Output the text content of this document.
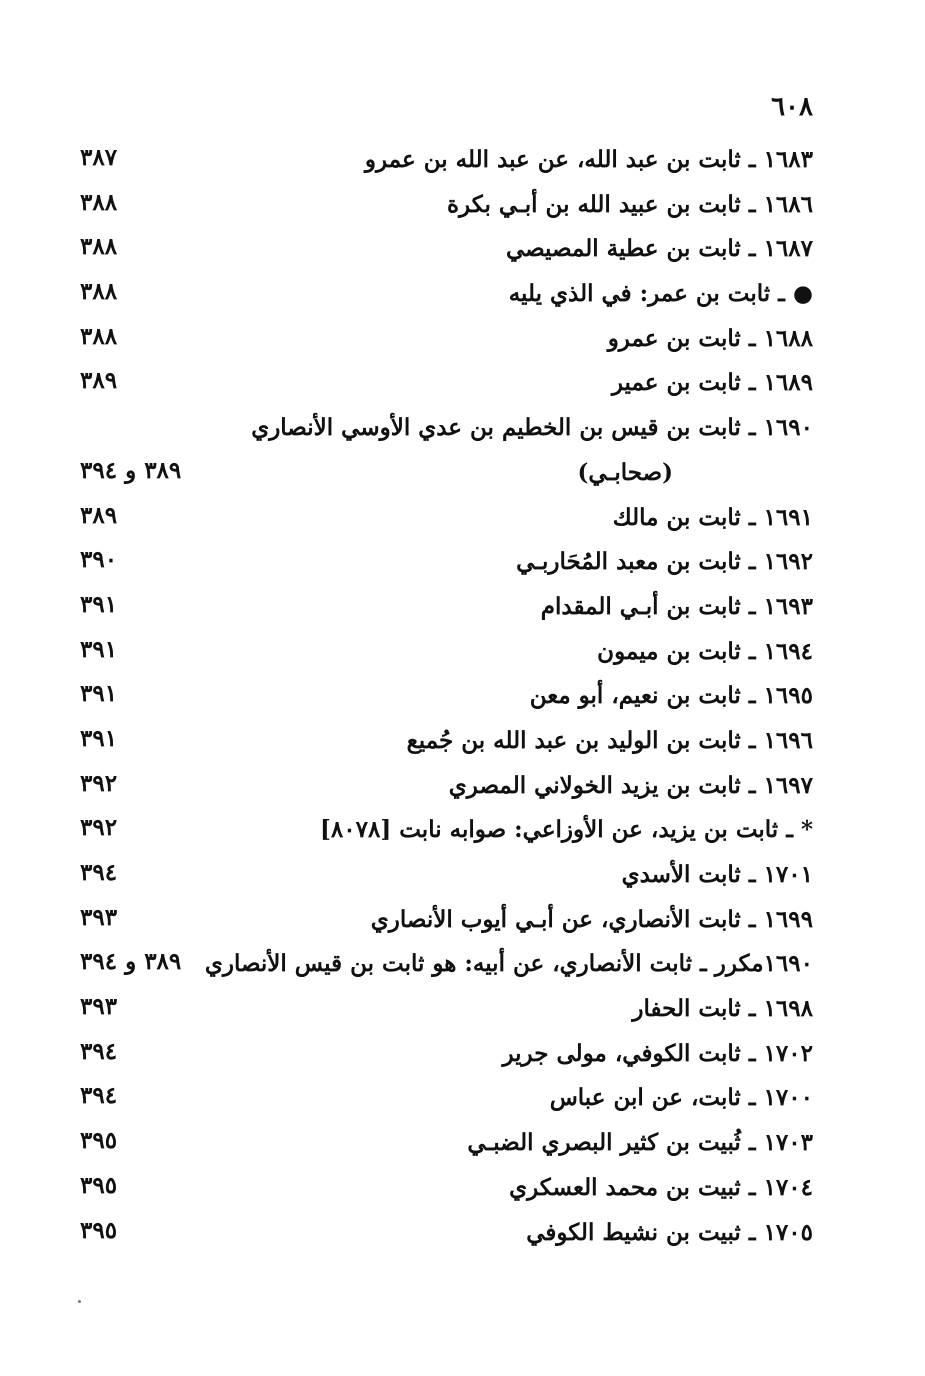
٦٠٨
١٦٨٣ ـ ثابت بن عبد الله، عن عبد الله بن عمرو
٣٨٧
١٦٨٦ ـ ثابت بن عبيد الله بن أبـي بكرة
٣٨٨
١٦٨٧ ـ ثابت بن عطية المصيصي
٣٨٨
● ـ ثابت بن عمر: في الذي يليه
٣٨٨
١٦٨٨ ـ ثابت بن عمرو
٣٨٨
١٦٨٩ ـ ثابت بن عمير
٣٨٩
١٦٩٠ ـ ثابت بن قيس بن الخطيم بن عدي الأوسي الأنصاري
(صحابـي)
٣٨٩ و ٣٩٤
١٦٩١ ـ ثابت بن مالك
٣٨٩
١٦٩٢ ـ ثابت بن معبد المُحَاربـي
٣٩٠
١٦٩٣ ـ ثابت بن أبـي المقدام
٣٩١
١٦٩٤ ـ ثابت بن ميمون
٣٩١
١٦٩٥ ـ ثابت بن نعيم، أبو معن
٣٩١
١٦٩٦ ـ ثابت بن الوليد بن عبد الله بن جُميع
٣٩١
١٦٩٧ ـ ثابت بن يزيد الخولاني المصري
٣٩٢
* ـ ثابت بن يزيد، عن الأوزاعي: صوابه نابت [٨٠٧٨]
٣٩٢
١٧٠١ ـ ثابت الأسدي
٣٩٤
١٦٩٩ ـ ثابت الأنصاري، عن أبـي أيوب الأنصاري
٣٩٣
١٦٩٠مكرر ـ ثابت الأنصاري، عن أبيه: هو ثابت بن قيس الأنصاري
٣٨٩ و ٣٩٤
١٦٩٨ ـ ثابت الحفار
٣٩٣
١٧٠٢ ـ ثابت الكوفي، مولى جرير
٣٩٤
١٧٠٠ ـ ثابت، عن ابن عباس
٣٩٤
١٧٠٣ ـ ثُبيت بن كثير البصري الضبـي
٣٩٥
١٧٠٤ ـ ثبيت بن محمد العسكري
٣٩٥
١٧٠٥ ـ ثبيت بن نشيط الكوفي
٣٩٥
